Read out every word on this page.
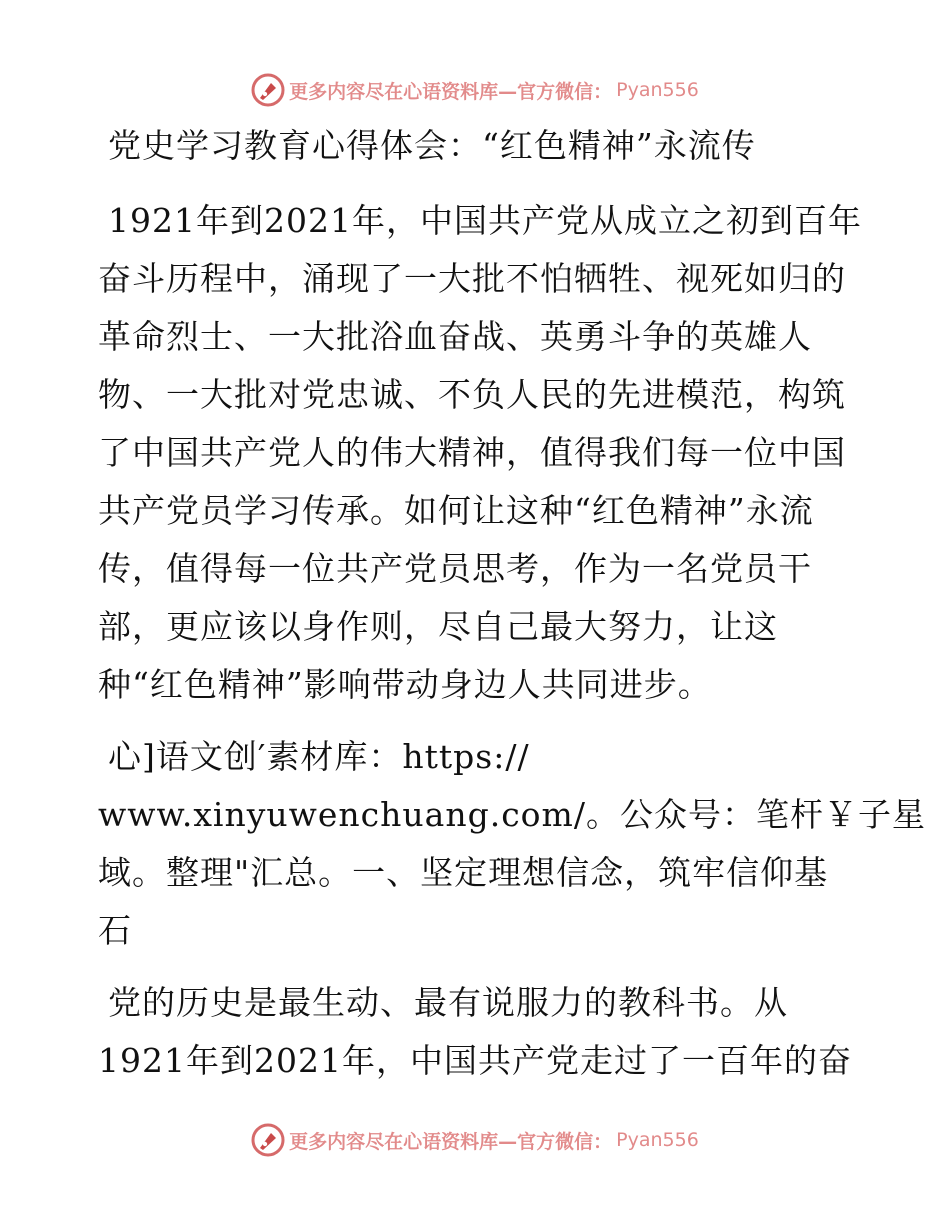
更多内容尽在心语资料库—官方微信： Pyan556
党史学习教育心得体会：“红色精神”永流传

1921年到2021年，中国共产党从成立之初到百年
奋斗历程中，涌现了一大批不怕牺牲、视死如归的
革命烈士、一大批浴血奋战、英勇斗争的英雄人
物、一大批对党忠诚、不负人民的先进模范，构筑
了中国共产党人的伟大精神，值得我们每一位中国
共产党员学习传承。如何让这种“红色精神”永流
传，值得每一位共产党员思考，作为一名党员干
部，更应该以身作则，尽自己最大努力，让这
种“红色精神”影响带动身边人共同进步。

心]语文创′素材库：https://
www.xinyuwenchuang.com/。公众号：笔杆￥子星
域。整理"汇总。一、坚定理想信念，筑牢信仰基
石

党的历史是最生动、最有说服力的教科书。从
1921年到2021年，中国共产党走过了一百年的奋

更多内容尽在心语资料库—官方微信： Pyan556
